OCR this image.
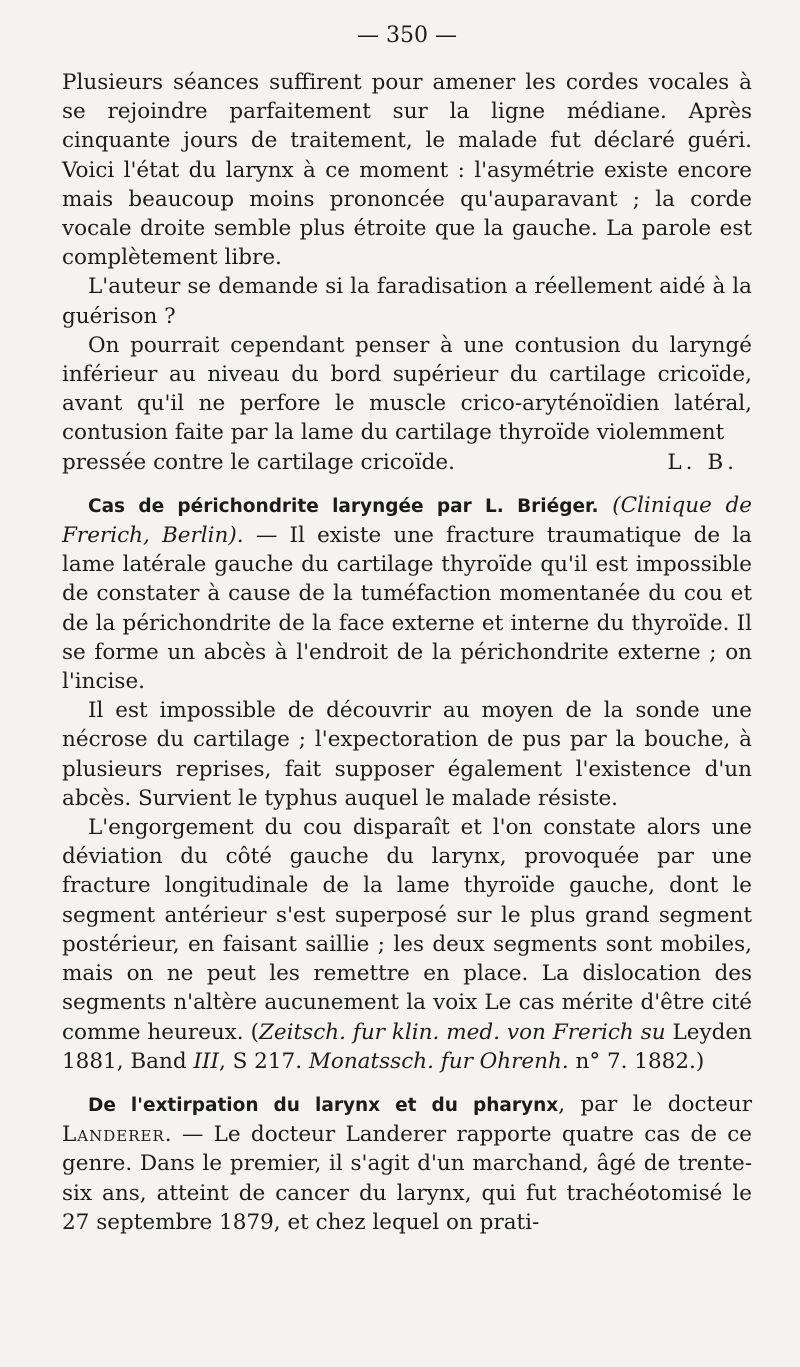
— 350 —

Plusieurs séances suffirent pour amener les cordes vocales à se rejoindre parfaitement sur la ligne médiane. Après cinquante jours de traitement, le malade fut déclaré guéri. Voici l'état du larynx à ce moment : l'asymétrie existe encore mais beaucoup moins prononcée qu'auparavant ; la corde vocale droite semble plus étroite que la gauche. La parole est complètement libre.

L'auteur se demande si la faradisation a réellement aidé à la guérison ?

On pourrait cependant penser à une contusion du laryngé inférieur au niveau du bord supérieur du cartilage cricoïde, avant qu'il ne perfore le muscle crico-aryténoïdien latéral, contusion faite par la lame du cartilage thyroïde violemment

pressée contre le cartilage cricoïde.	L. B.

Cas de périchondrite laryngée par L. Briéger. (Clinique de Frerich, Berlin). — Il existe une fracture traumatique de la lame latérale gauche du cartilage thyroïde qu'il est impossible de constater à cause de la tuméfaction momentanée du cou et de la périchondrite de la face externe et interne du thyroïde. Il se forme un abcès à l'endroit de la périchondrite externe ; on l'incise.

Il est impossible de découvrir au moyen de la sonde une nécrose du cartilage ; l'expectoration de pus par la bouche, à plusieurs reprises, fait supposer également l'existence d'un abcès. Survient le typhus auquel le malade résiste.

L'engorgement du cou disparaît et l'on constate alors une déviation du côté gauche du larynx, provoquée par une fracture longitudinale de la lame thyroïde gauche, dont le segment antérieur s'est superposé sur le plus grand segment postérieur, en faisant saillie ; les deux segments sont mobiles, mais on ne peut les remettre en place. La dislocation des segments n'altère aucunement la voix Le cas mérite d'être cité comme heureux. (Zeitsch. fur klin. med. von Frerich su Leyden 1881, Band III, S 217. Monatssch. fur Ohrenh. n° 7. 1882.)

De l'extirpation du larynx et du pharynx, par le docteur Landerer. — Le docteur Landerer rapporte quatre cas de ce genre. Dans le premier, il s'agit d'un marchand, âgé de trente-six ans, atteint de cancer du larynx, qui fut trachéotomisé le 27 septembre 1879, et chez lequel on prati-
